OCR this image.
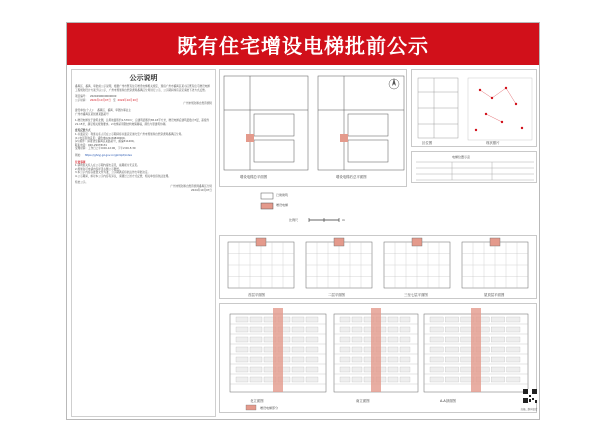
既有住宅增设电梯批前公示
公示说明
番禺区、番禺、审批前公示说明，根据广州市既有住宅增设电梯相关规定，现将广州市番禺区某小区既有住宅增设电梯工程规划设计方案予以公示，广州市规划和自然资源局番禺区分局进行公示，公示期间如有意见请按下述方式反馈。
项目编号： 2024090000000000
公示时间： 2024年10月07日 至 2024年10月20日
广州市规划和自然资源局
建设单位(个人)： 番禺区、番禺、审图办事业主
广州市番禺区某街道某路某号
1.增设电梯位于建筑北侧，总用地面积约1,570m²，总建筑面积约38.43平方米，增设电梯后建筑层数为7层，高度约21.15米，满足相关规划要求。2.电梯采用钢结构玻璃幕墙，颜色与原建筑协调。
意见反馈方式
1.书面意见：利害关系人可在公示期间将书面意见递交至广州市规划和自然资源局番禺区分局。
(1) 电话咨询意见：请致电020-84840000。
(2) 邮件：请寄送至番禺区某路某号，邮编511400。
联系电话：020-29978131
受理时间：工作日上午9:00-12:00，下午2:00-5:30
网址： https://ghzyj.gz.gov.cn/gkmlpt/index
注意事项
1.请利害关系人在公示期内提出意见，逾期视为无意见。
2.规划许可申请内容详见右侧公示图纸。
3.本公示内容以批准文件为准，公示期满后将依法作出审批决定。
4.公示期间，如对本公示内容有异议，请通过上述方式反馈，相关单位将依法处理。
特此公示。
广州市规划和自然资源局番禺区分局
2024年10月07日
增设电梯总平面图	增设电梯后总平面图
已建建筑
增设电梯
比例尺	m
区位图	现状照片
电梯位置示意
首层平面图	二层平面图	三至七层平面图	屋顶层平面图
北立面图	南立面图	A-A剖面图
增设电梯部分	扫描二维码查看
